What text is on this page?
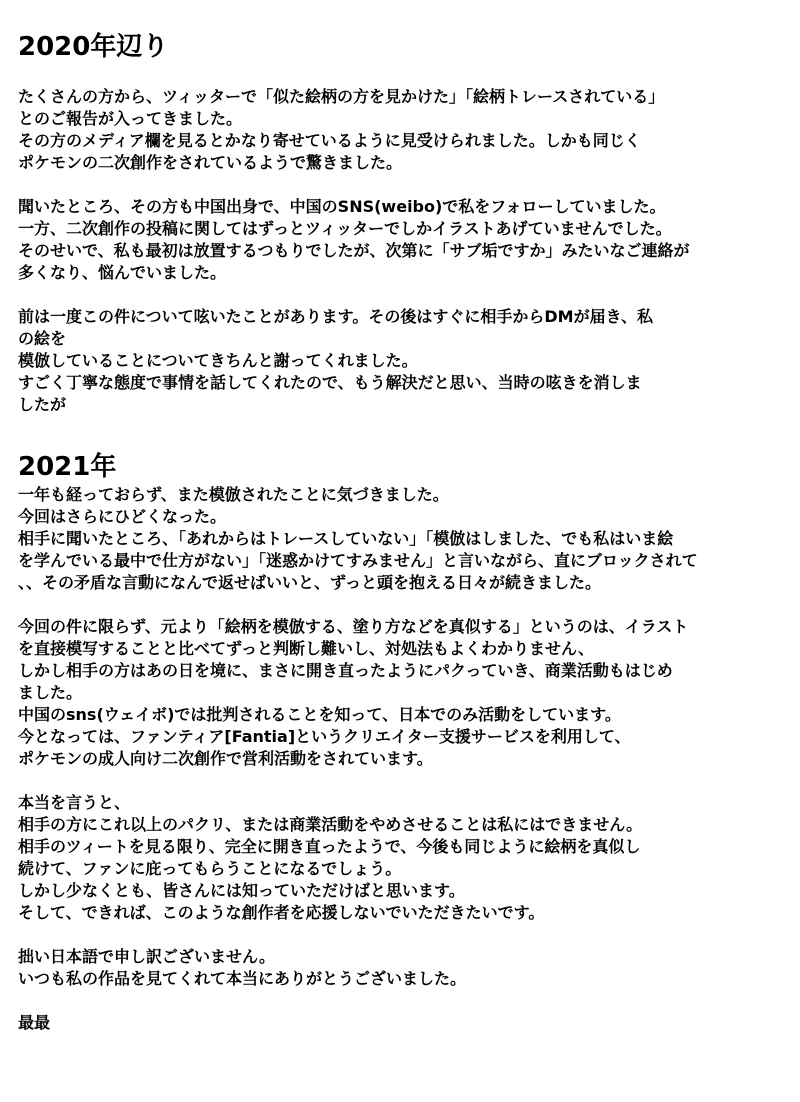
2020年辺り
たくさんの方から、ツィッターで「似た絵柄の方を見かけた」「絵柄トレースされている」
とのご報告が入ってきました。
その方のメディア欄を見るとかなり寄せているように見受けられました。しかも同じく
ポケモンの二次創作をされているようで驚きました。
聞いたところ、その方も中国出身で、中国のSNS(weibo)で私をフォローしていました。
一方、二次創作の投稿に関してはずっとツィッターでしかイラストあげていませんでした。
そのせいで、私も最初は放置するつもりでしたが、次第に「サブ垢ですか」みたいなご連絡が
多くなり、悩んでいました。
前は一度この件について呟いたことがあります。その後はすぐに相手からDMが届き、私
の絵を
模倣していることについてきちんと謝ってくれました。
すごく丁寧な態度で事情を話してくれたので、もう解決だと思い、当時の呟きを消しま
したが
2021年
一年も経っておらず、また模倣されたことに気づきました。
今回はさらにひどくなった。
相手に聞いたところ、「あれからはトレースしていない」「模倣はしました、でも私はいま絵
を学んでいる最中で仕方がない」「迷惑かけてすみません」と言いながら、直にブロックされて
、、その矛盾な言動になんで返せばいいと、ずっと頭を抱える日々が続きました。
今回の件に限らず、元より「絵柄を模倣する、塗り方などを真似する」というのは、イラスト
を直接模写することと比べてずっと判断し難いし、対処法もよくわかりません、
しかし相手の方はあの日を境に、まさに開き直ったようにパクっていき、商業活動もはじめ
ました。
中国のsns(ウェイボ)では批判されることを知って、日本でのみ活動をしています。
今となっては、ファンティア[Fantia]というクリエイター支援サービスを利用して、
ポケモンの成人向け二次創作で営利活動をされています。
本当を言うと、
相手の方にこれ以上のパクリ、または商業活動をやめさせることは私にはできません。
相手のツィートを見る限り、完全に開き直ったようで、今後も同じように絵柄を真似し
続けて、ファンに庇ってもらうことになるでしょう。
しかし少なくとも、皆さんには知っていただけばと思います。
そして、できれば、このような創作者を応援しないでいただきたいです。
拙い日本語で申し訳ございません。
いつも私の作品を見てくれて本当にありがとうございました。
最最
